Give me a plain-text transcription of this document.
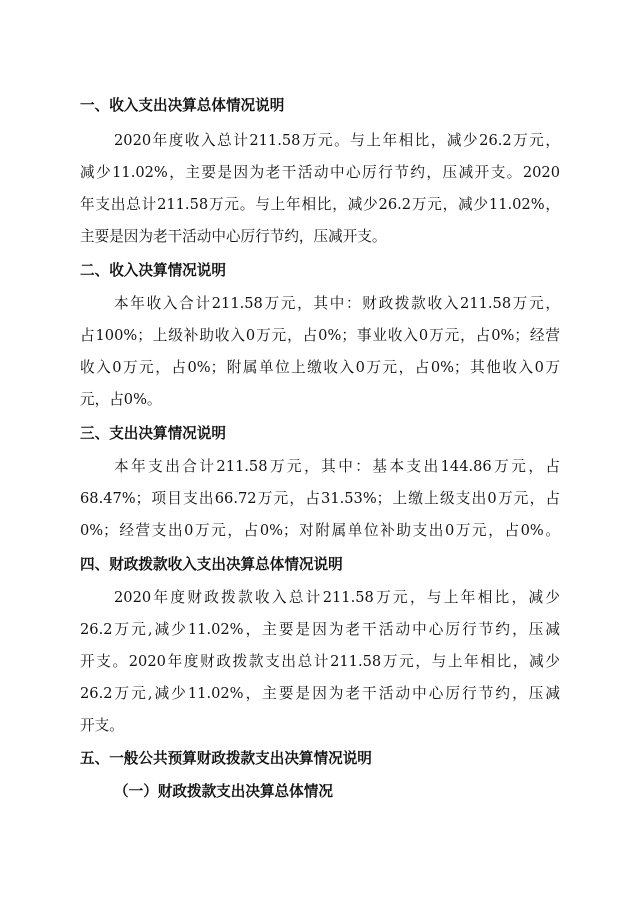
一、收入支出决算总体情况说明
2020年度收入总计211.58万元。与上年相比，减少26.2万元，
减少11.02%，主要是因为老干活动中心厉行节约，压减开支。2020
年支出总计211.58万元。与上年相比，减少26.2万元，减少11.02%，
主要是因为老干活动中心厉行节约，压减开支。
二、收入决算情况说明
本年收入合计211.58万元，其中：财政拨款收入211.58万元，
占100%；上级补助收入0万元，占0%；事业收入0万元，占0%；经营
收入0万元，占0%；附属单位上缴收入0万元，占0%；其他收入0万
元，占0%。
三、支出决算情况说明
本年支出合计211.58万元，其中：基本支出144.86万元，占
68.47%；项目支出66.72万元，占31.53%；上缴上级支出0万元，占
0%；经营支出0万元，占0%；对附属单位补助支出0万元，占0%。
四、财政拨款收入支出决算总体情况说明
2020年度财政拨款收入总计211.58万元，与上年相比，减少
26.2万元,减少11.02%，主要是因为老干活动中心厉行节约，压减
开支。2020年度财政拨款支出总计211.58万元，与上年相比，减少
26.2万元,减少11.02%，主要是因为老干活动中心厉行节约，压减
开支。
五、一般公共预算财政拨款支出决算情况说明
（一）财政拨款支出决算总体情况
